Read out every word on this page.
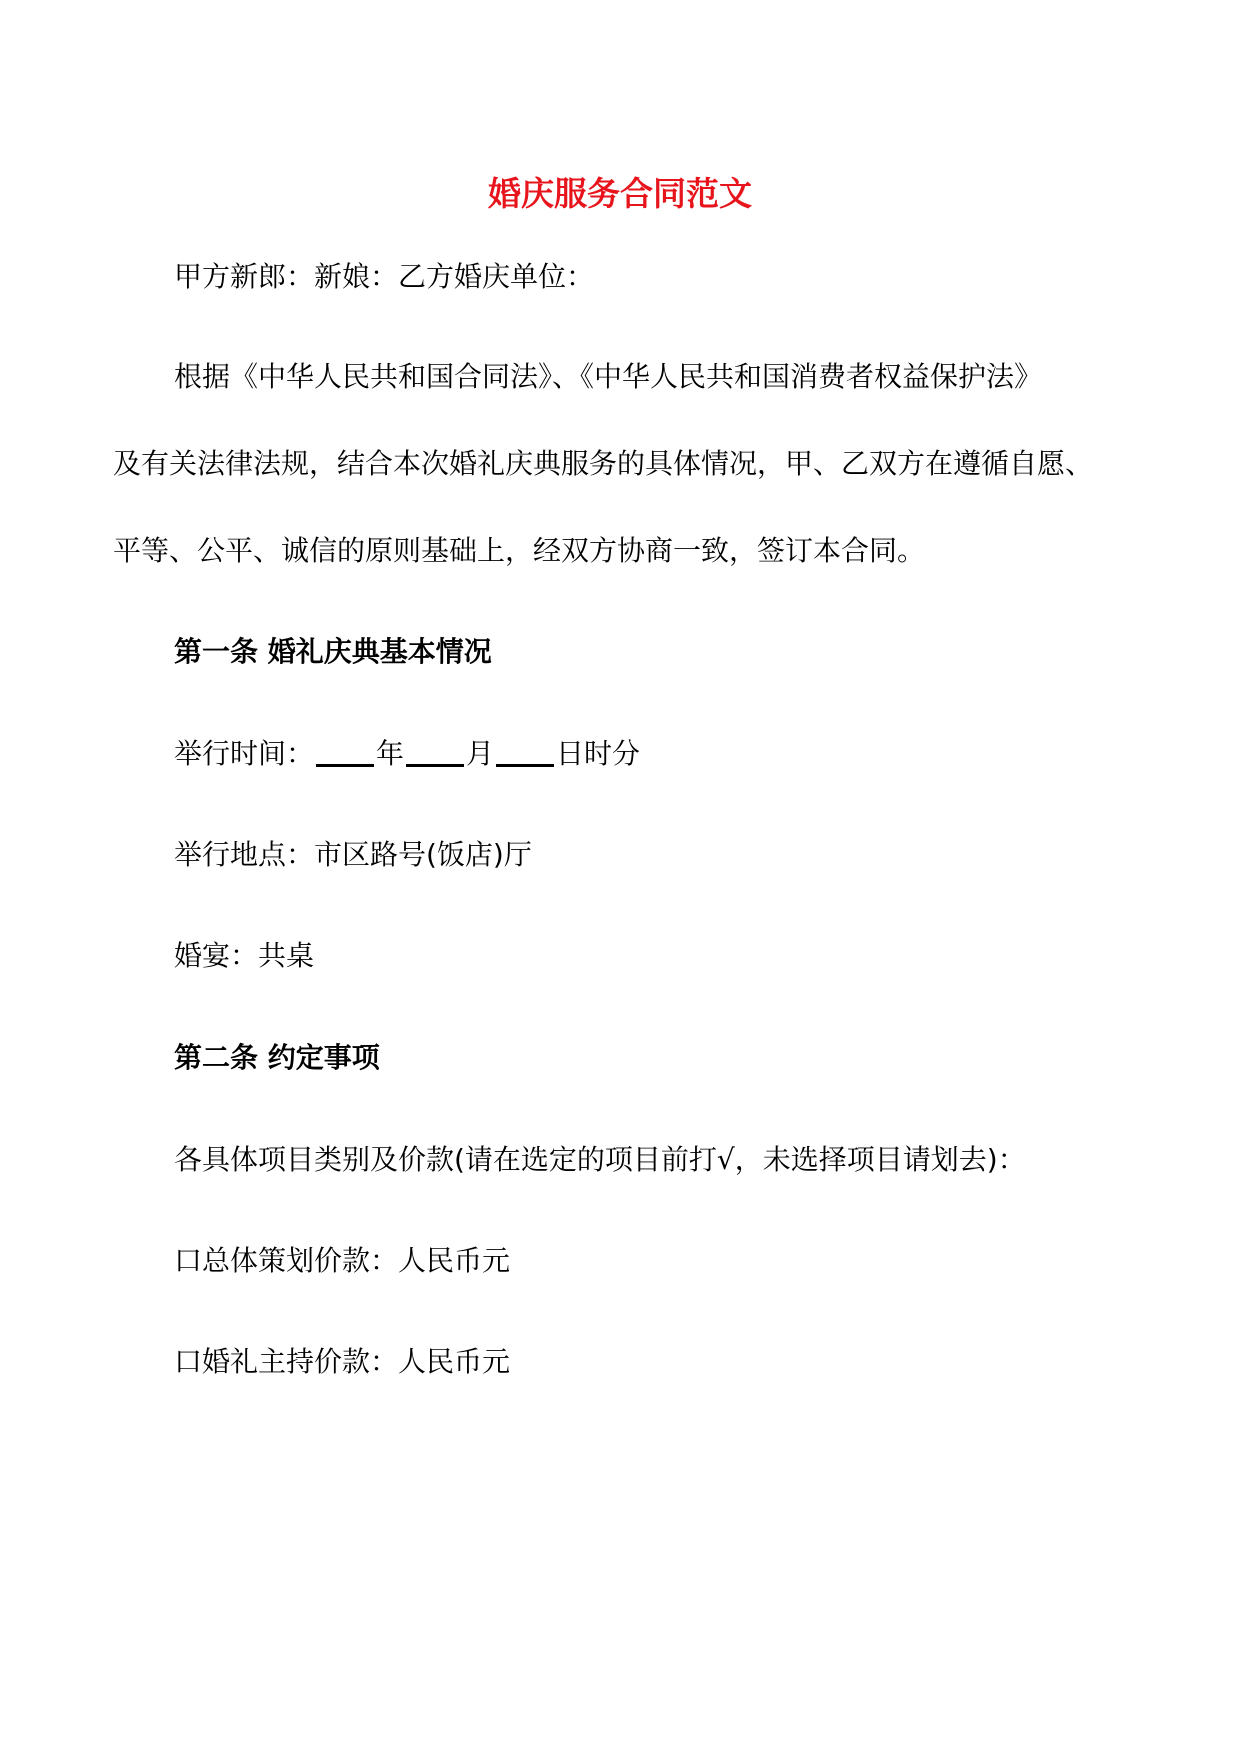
婚庆服务合同范文
甲方新郎：新娘：乙方婚庆单位：
根据《中华人民共和国合同法》、《中华人民共和国消费者权益保护法》
及有关法律法规，结合本次婚礼庆典服务的具体情况，甲、乙双方在遵循自愿、
平等、公平、诚信的原则基础上，经双方协商一致，签订本合同。
第一条 婚礼庆典基本情况
举行时间： 年 月 日时分
举行地点：市区路号(饭店)厅
婚宴：共桌
第二条 约定事项
各具体项目类别及价款(请在选定的项目前打√，未选择项目请划去)：
口总体策划价款：人民币元
口婚礼主持价款：人民币元
